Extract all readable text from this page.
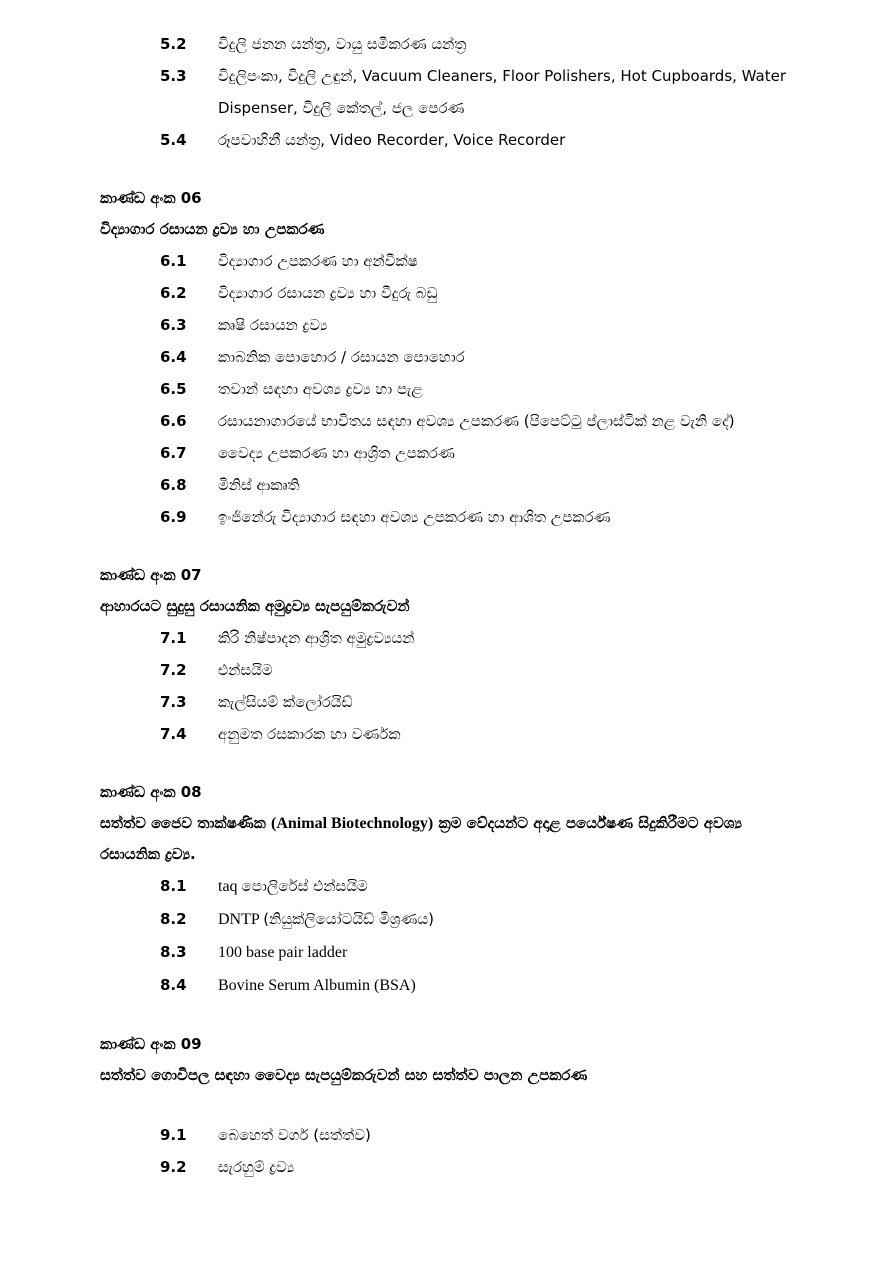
5.2	විදුලි ජනන යන්ත්‍ර, වායු සමීකරණ යන්ත්‍ර
5.3	විදුලිපංකා, විදුලි උඳුන්, Vacuum Cleaners, Floor Polishers, Hot Cupboards, Water Dispenser, විදුලි කේතල්, ජල පෙරණ
5.4	රූපවාහිනී යන්ත්‍ර, Video Recorder, Voice Recorder
කාණ්ඩ අංක 06

විද්‍යාගාර රසායන ද්‍රව්‍ය හා උපකරණ

6.1	විද්‍යාගාර උපකරණ හා අන්වීක්ෂ
6.2	විද්‍යාගාර රසායන ද්‍රව්‍ය හා වීදුරු බඩු
6.3	කෘෂි රසායන ද්‍රව්‍ය
6.4	කාබනික පොහොර / රසායන පොහොර
6.5	තවාන් සඳහා අවශ්‍ය ද්‍රව්‍ය හා පැළ
6.6	රසායනාගාරයේ භාවිතය සඳහා අවශ්‍ය උපකරණ (පිපෙට්ටු ප්ලාස්ටික් නළ වැනි දේ)
6.7	වෛද්‍ය උපකරණ හා ආශ්‍රිත උපකරණ
6.8	මිනිස් ආකෘති
6.9	ඉංජිනේරු විද්‍යාගාර සඳහා අවශ්‍ය උපකරණ හා ආශිත උපකරණ
කාණ්ඩ අංක 07

ආහාරයට සුදුසු රසායනික අමුද්‍රව්‍ය සැපයුම්කරුවන්

7.1	කිරි නිෂ්පාදන ආශ්‍රිත අමුද්‍රව්‍යයන්
7.2	එන්සයිම
7.3	කැල්සියම් ක්ලෝරයිඩ්
7.4	අනුමත රසකාරක හා වර්ණක
කාණ්ඩ අංක 08

සත්ත්ව ජෛව තාක්ෂණික (Animal Biotechnology) ක්‍රම වේදයන්ට අදාළ පර්යේෂණ සිදුකිරීමට අවශ්‍ය රසායනික ද්‍රව්‍ය.

8.1	taq පොලිරේස් එන්සයිම
8.2	DNTP (නියුක්ලියෝටයිඩ් මිශ්‍රණය)
8.3	100 base pair ladder
8.4	Bovine Serum Albumin (BSA)
කාණ්ඩ අංක 09

සත්ත්ව ගොවිපල සඳහා වෛද්‍ය සැපයුම්කරුවන් සහ සත්ත්ව පාලන උපකරණ

9.1	බෙහෙත් වර්ග (සත්ත්ව)
9.2	සැරහුම් ද්‍රව්‍ය
